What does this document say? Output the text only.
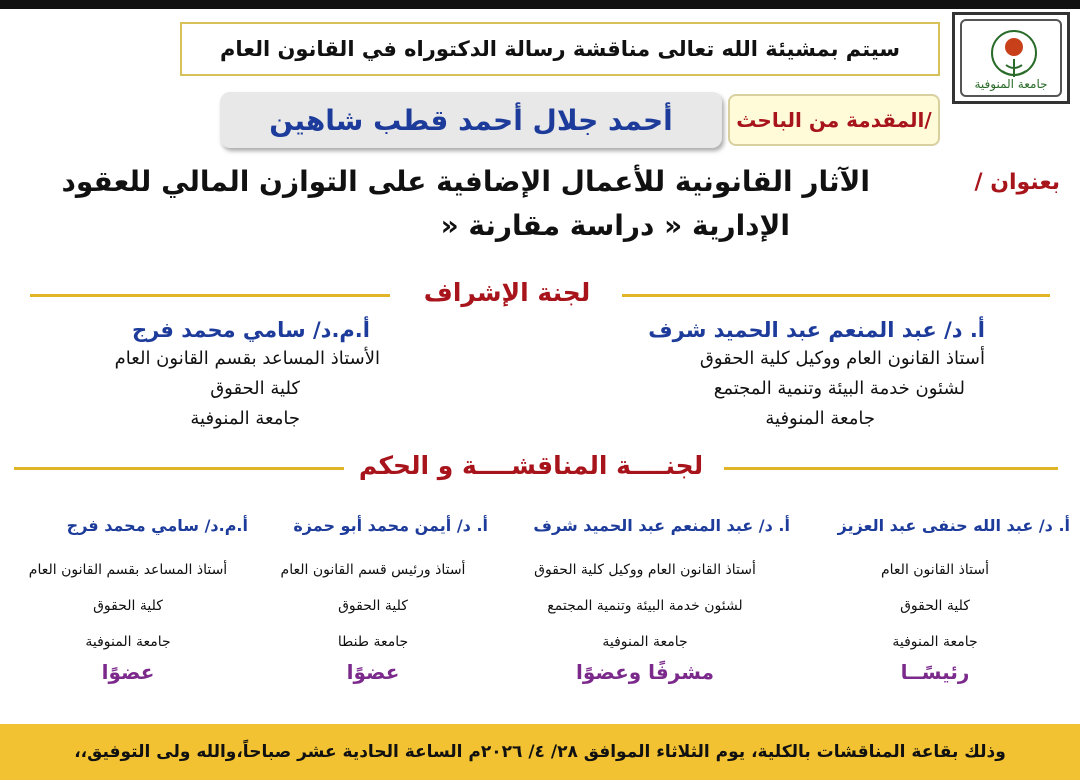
جامعة المنوفية
سيتم بمشيئة الله تعالى مناقشة رسالة الدكتوراه في القانون العام
المقدمة من الباحث/
أحمد جلال أحمد قطب شاهين
بعنوان /
الآثار القانونية للأعمال الإضافية على التوازن المالي للعقود
الإدارية « دراسة مقارنة «
لجنة الإشراف
أ. د/ عبد المنعم عبد الحميد شرف
أستاذ القانون العام ووكيل كلية الحقوق
لشئون خدمة البيئة وتنمية المجتمع
جامعة المنوفية
أ.م.د/ سامي محمد فرج
الأستاذ المساعد بقسم القانون العام
كلية الحقوق
جامعة المنوفية
لجنــــة المناقشــــة و الحكم
أ. د/ عبد الله حنفى عبد العزيز
أستاذ القانون العام
كلية الحقوق
جامعة المنوفية
رئيسًــا
أ. د/ عبد المنعم عبد الحميد شرف
أستاذ القانون العام ووكيل كلية الحقوق
لشئون خدمة البيئة وتنمية المجتمع
جامعة المنوفية
مشرفًا وعضوًا
أ. د/ أيمن محمد أبو حمزة
أستاذ ورئيس قسم القانون العام
كلية الحقوق
جامعة طنطا
عضوًا
أ.م.د/ سامي محمد فرج
أستاذ المساعد بقسم القانون العام
كلية الحقوق
جامعة المنوفية
عضوًا
وذلك بقاعة المناقشات بالكلية، يوم الثلاثاء الموافق ٢٨/ ٤/ ٢٠٢٦م الساعة الحادية عشر صباحاً،والله ولى التوفيق،،
